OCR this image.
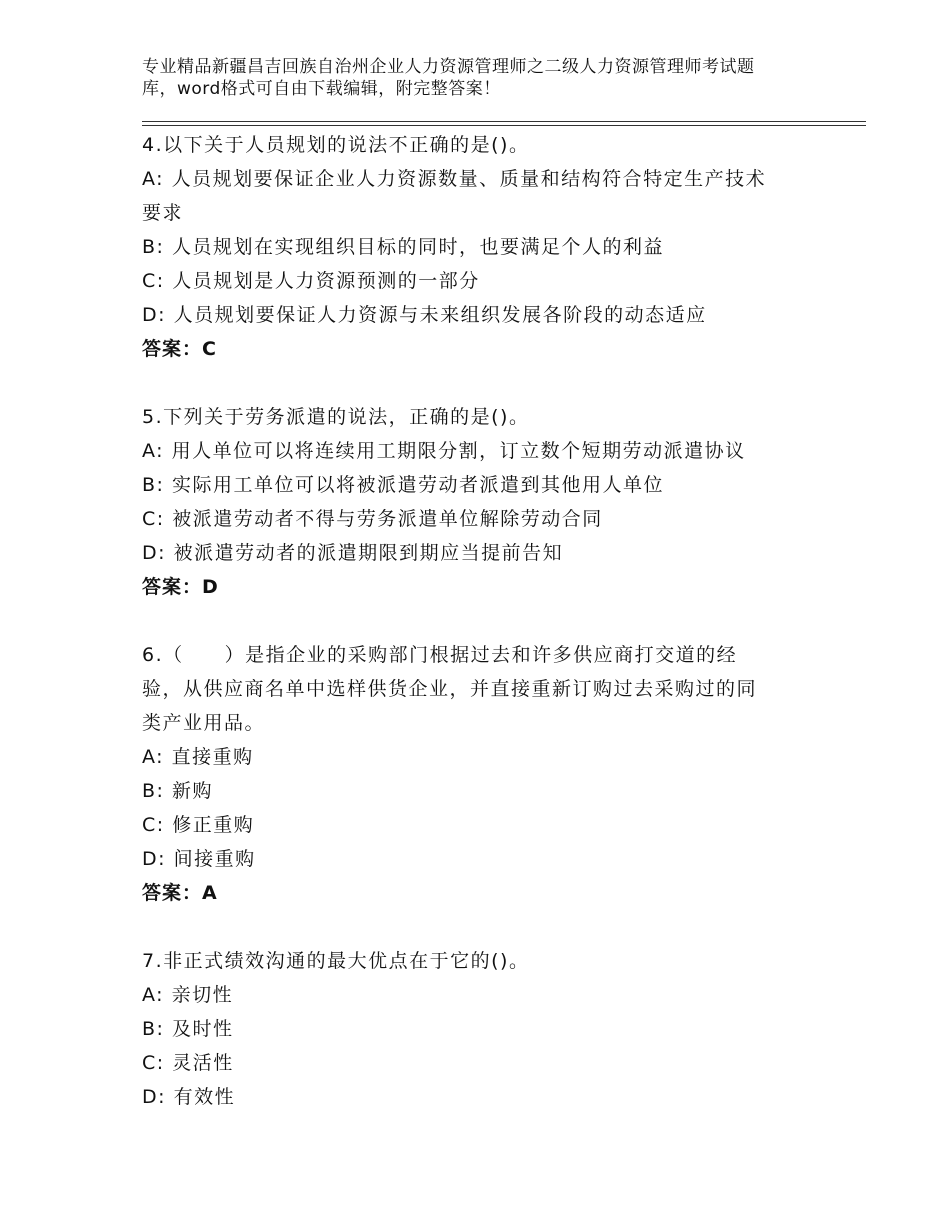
专业精品新疆昌吉回族自治州企业人力资源管理师之二级人力资源管理师考试题
库，word格式可自由下载编辑，附完整答案！
4.以下关于人员规划的说法不正确的是()。
A: 人员规划要保证企业人力资源数量、质量和结构符合特定生产技术
要求
B: 人员规划在实现组织目标的同时，也要满足个人的利益
C: 人员规划是人力资源预测的一部分
D: 人员规划要保证人力资源与未来组织发展各阶段的动态适应
答案：C
5.下列关于劳务派遣的说法，正确的是()。
A: 用人单位可以将连续用工期限分割，订立数个短期劳动派遣协议
B: 实际用工单位可以将被派遣劳动者派遣到其他用人单位
C: 被派遣劳动者不得与劳务派遣单位解除劳动合同
D: 被派遣劳动者的派遣期限到期应当提前告知
答案：D
6.（　　）是指企业的采购部门根据过去和许多供应商打交道的经
验，从供应商名单中选样供货企业，并直接重新订购过去采购过的同
类产业用品。
A: 直接重购
B: 新购
C: 修正重购
D: 间接重购
答案：A
7.非正式绩效沟通的最大优点在于它的()。
A: 亲切性
B: 及时性
C: 灵活性
D: 有效性
